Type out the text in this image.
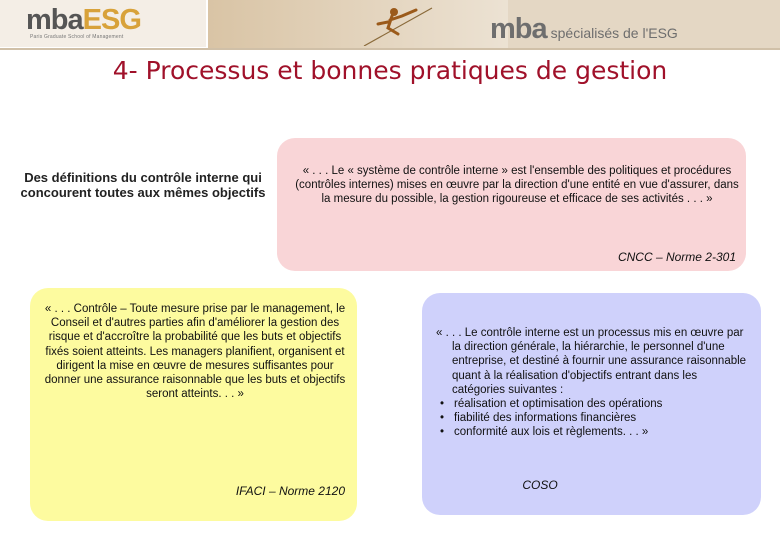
mbaESG
Paris Graduate School of Management	mba spécialisés de l'ESG
4- Processus et bonnes pratiques de gestion
Des définitions du contrôle interne qui concourent toutes aux mêmes objectifs
« . . . Le « système de contrôle interne » est l'ensemble des politiques et procédures (contrôles internes) mises en œuvre par la direction d'une entité en vue d'assurer, dans la mesure du possible, la gestion rigoureuse et efficace de ses activités . . . »
CNCC – Norme 2-301
« . . . Contrôle – Toute mesure prise par le management, le Conseil et d'autres parties afin d'améliorer la gestion des risque et d'accroître la probabilité que les buts et objectifs fixés soient atteints. Les managers planifient, organisent et dirigent la mise en œuvre de mesures suffisantes pour donner une assurance raisonnable que les buts et objectifs seront atteints. . . »
IFACI – Norme 2120
« . . . Le contrôle interne est un processus mis en œuvre par la direction générale, la hiérarchie, le personnel d'une entreprise, et destiné à fournir une assurance raisonnable quant à la réalisation d'objectifs entrant dans les catégories suivantes :
• réalisation et optimisation des opérations
• fiabilité des informations financières
• conformité aux lois et règlements. . . »
COSO
